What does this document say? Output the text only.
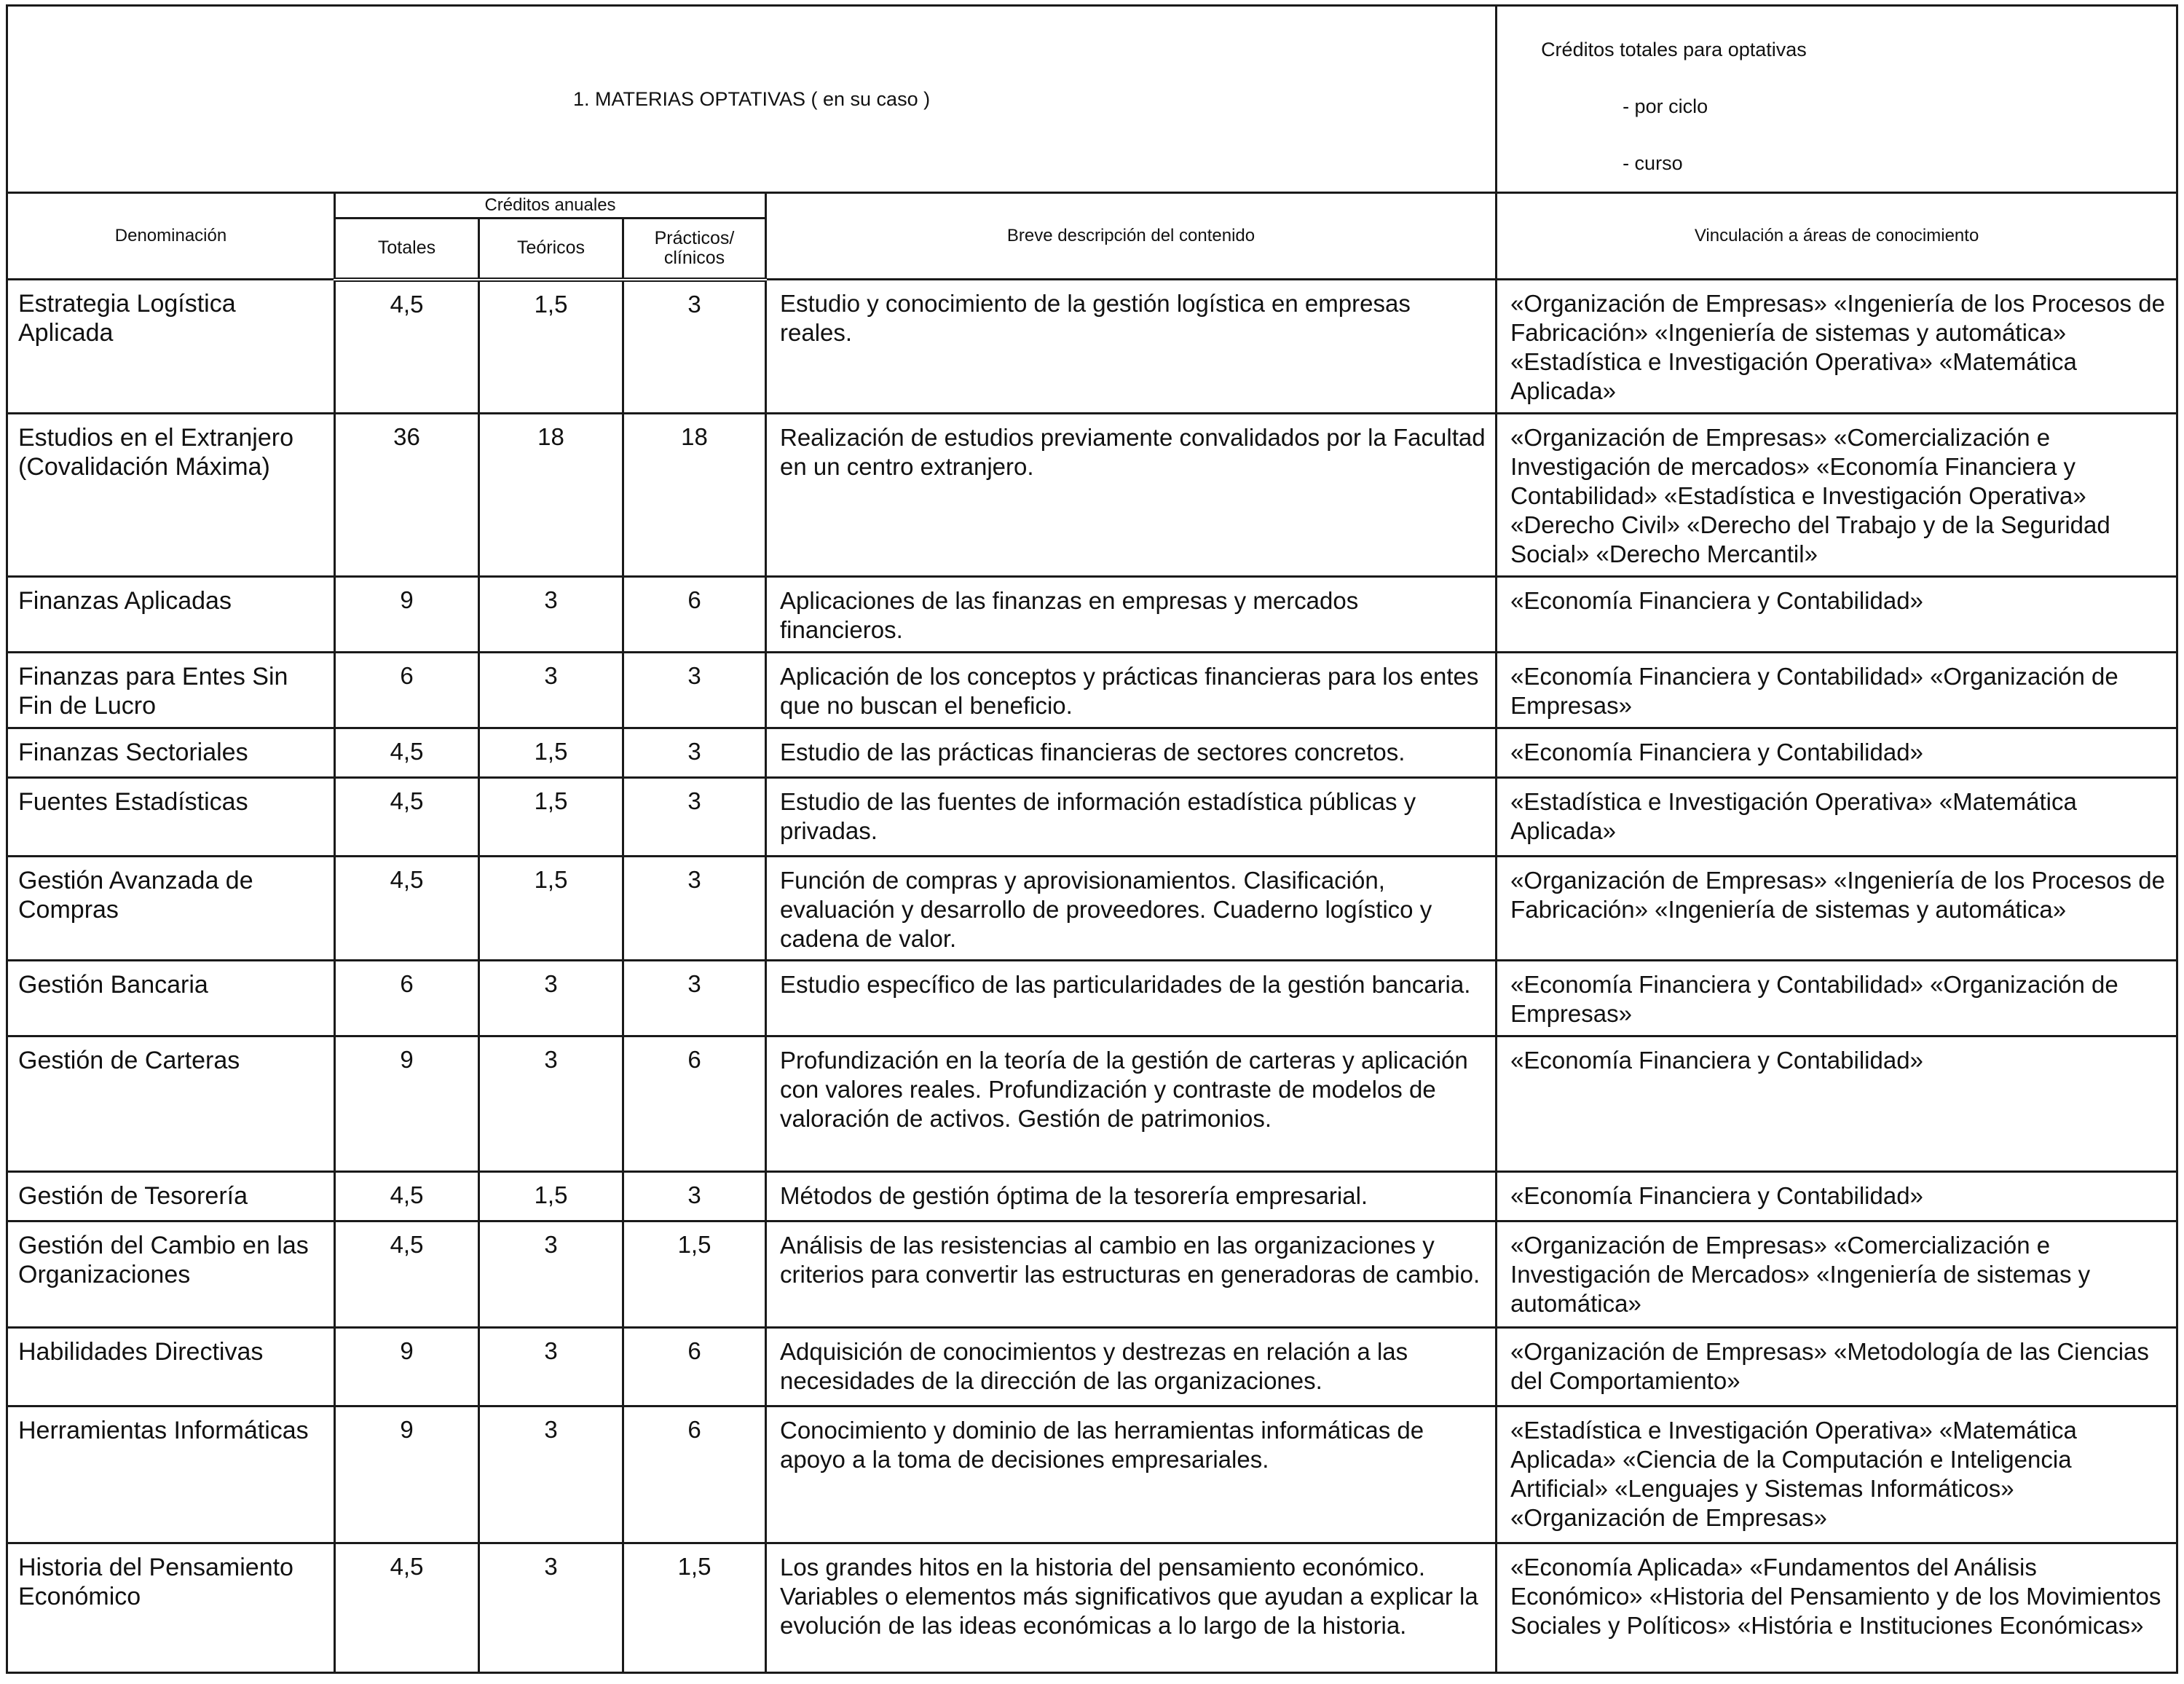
1. MATERIAS OPTATIVAS ( en su caso )					Créditos totales para optativas
- por ciclo
- curso

Denominación	Créditos anuales			Breve descripción del contenido	Vinculación a áreas de conocimiento
	Totales	Teóricos	Prácticos/ clínicos		
Estrategia Logística Aplicada	4,5	1,5	3	Estudio y conocimiento de la gestión logística en empresas reales.	«Organización de Empresas» «Ingeniería de los Procesos de Fabricación» «Ingeniería de sistemas y automática» «Estadística e Investigación Operativa» «Matemática Aplicada»
Estudios en el Extranjero (Covalidación Máxima)	36	18	18	Realización de estudios previamente convalidados por la Facultad en un centro extranjero.	«Organización de Empresas» «Comercialización e Investigación de mercados» «Economía Financiera y Contabilidad» «Estadística e Investigación Operativa» «Derecho Civil» «Derecho del Trabajo y de la Seguridad Social» «Derecho Mercantil»
Finanzas Aplicadas	9	3	6	Aplicaciones de las finanzas en empresas y mercados financieros.	«Economía Financiera y Contabilidad»
Finanzas para Entes Sin Fin de Lucro	6	3	3	Aplicación de los conceptos y prácticas financieras para los entes que no buscan el beneficio.	«Economía Financiera y Contabilidad» «Organización de Empresas»
Finanzas Sectoriales	4,5	1,5	3	Estudio de las prácticas financieras de sectores concretos.	«Economía Financiera y Contabilidad»
Fuentes Estadísticas	4,5	1,5	3	Estudio de las fuentes de información estadística públicas y privadas.	«Estadística e Investigación Operativa» «Matemática Aplicada»
Gestión Avanzada de Compras	4,5	1,5	3	Función de compras y aprovisionamientos. Clasificación, evaluación y desarrollo de proveedores. Cuaderno logístico y cadena de valor.	«Organización de Empresas» «Ingeniería de los Procesos de Fabricación» «Ingeniería de sistemas y automática»
Gestión Bancaria	6	3	3	Estudio específico de las particularidades de la gestión bancaria.	«Economía Financiera y Contabilidad» «Organización de Empresas»
Gestión de Carteras	9	3	6	Profundización en la teoría de la gestión de carteras y aplicación con valores reales. Profundización y contraste de modelos de valoración de activos. Gestión de patrimonios.	«Economía Financiera y Contabilidad»
Gestión de Tesorería	4,5	1,5	3	Métodos de gestión óptima de la tesorería empresarial.	«Economía Financiera y Contabilidad»
Gestión del Cambio en las Organizaciones	4,5	3	1,5	Análisis de las resistencias al cambio en las organizaciones y criterios para convertir las estructuras en generadoras de cambio.	«Organización de Empresas» «Comercialización e Investigación de Mercados» «Ingeniería de sistemas y automática»
Habilidades Directivas	9	3	6	Adquisición de conocimientos y destrezas en relación a las necesidades de la dirección de las organizaciones.	«Organización de Empresas» «Metodología de las Ciencias del Comportamiento»
Herramientas Informáticas	9	3	6	Conocimiento y dominio de las herramientas informáticas de apoyo a la toma de decisiones empresariales.	«Estadística e Investigación Operativa» «Matemática Aplicada» «Ciencia de la Computación e Inteligencia Artificial» «Lenguajes y Sistemas Informáticos» «Organización de Empresas»
Historia del Pensamiento Económico	4,5	3	1,5	Los grandes hitos en la historia del pensamiento económico. Variables o elementos más significativos que ayudan a explicar la evolución de las ideas económicas a lo largo de la historia.	«Economía Aplicada» «Fundamentos del Análisis Económico» «Historia del Pensamiento y de los Movimientos Sociales y Políticos» «História e Instituciones Económicas»
